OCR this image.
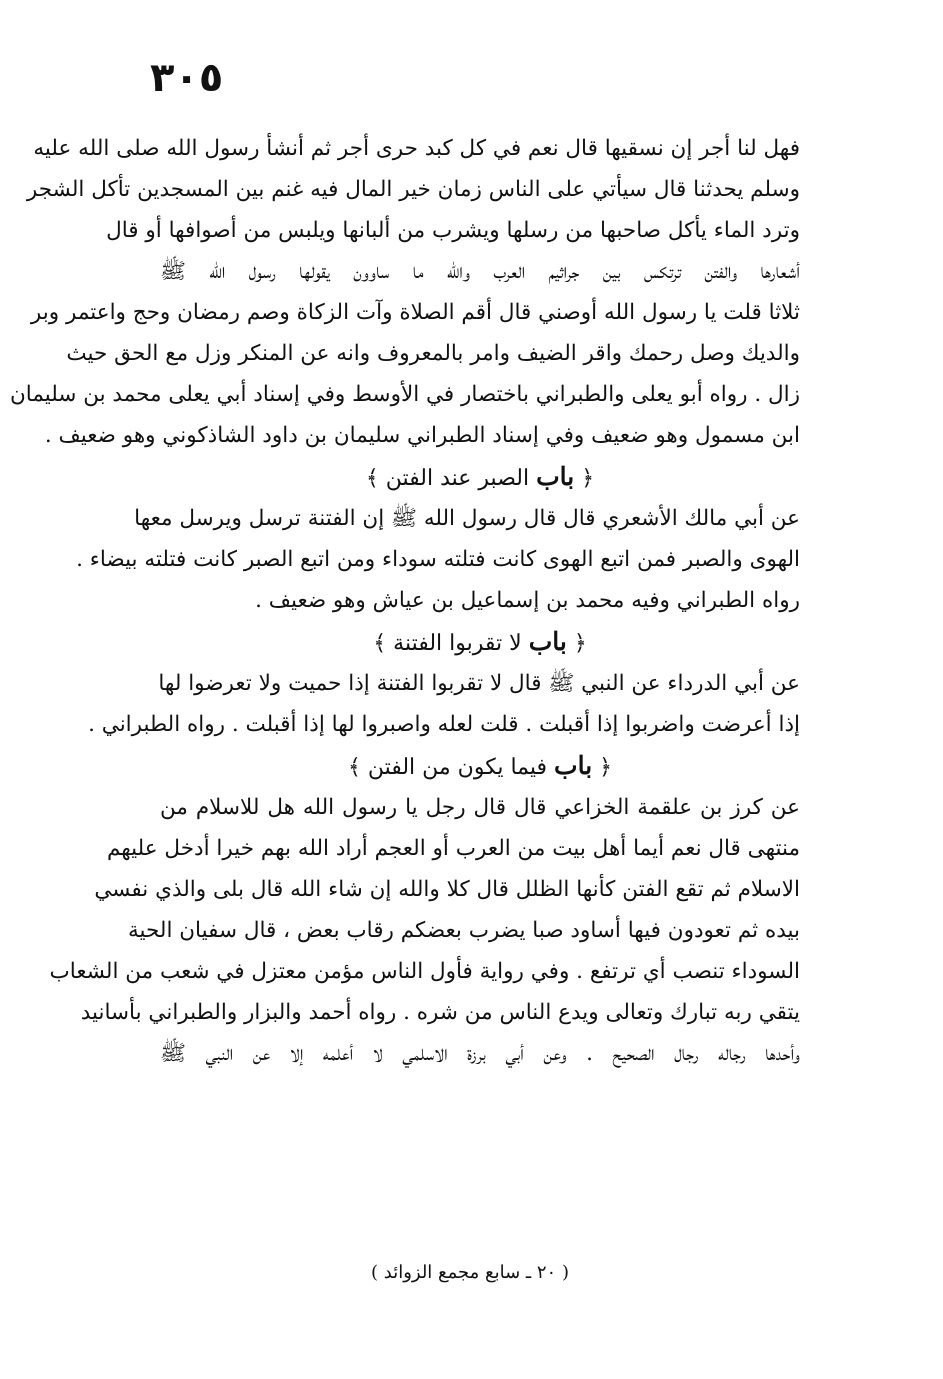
٣٠٥
فهل لنا أجر إن نسقيها قال نعم في كل كبد حرى أجر ثم أنشأ رسول الله صلى الله عليه
وسلم يحدثنا قال سيأتي على الناس زمان خير المال فيه غنم بين المسجدين تأكل الشجر
وترد الماء يأكل صاحبها من رسلها ويشرب من ألبانها ويلبس من أصوافها أو قال
أشعارها والفتن ترتكس بين جراثيم العرب والله ما ساوون يقولها رسول الله ﷺ
ثلاثا قلت يا رسول الله أوصني قال أقم الصلاة وآت الزكاة وصم رمضان وحج واعتمر وبر
والديك وصل رحمك واقر الضيف وامر بالمعروف وانه عن المنكر وزل مع الحق حيث
زال . رواه أبو يعلى والطبراني باختصار في الأوسط وفي إسناد أبي يعلى محمد بن سليمان
ابن مسمول وهو ضعيف وفي إسناد الطبراني سليمان بن داود الشاذكوني وهو ضعيف .
﴿ باب الصبر عند الفتن ﴾
عن أبي مالك الأشعري قال قال رسول الله ﷺ إن الفتنة ترسل ويرسل معها
الهوى والصبر فمن اتبع الهوى كانت فتلته سوداء ومن اتبع الصبر كانت فتلته بيضاء .
رواه الطبراني وفيه محمد بن إسماعيل بن عياش وهو ضعيف .
﴿ باب لا تقربوا الفتنة ﴾
عن أبي الدرداء عن النبي ﷺ قال لا تقربوا الفتنة إذا حميت ولا تعرضوا لها
إذا أعرضت واضربوا إذا أقبلت . قلت لعله واصبروا لها إذا أقبلت . رواه الطبراني .
﴿ باب فيما يكون من الفتن ﴾
عن كرز بن علقمة الخزاعي قال قال رجل يا رسول الله هل للاسلام من
منتهى قال نعم أيما أهل بيت من العرب أو العجم أراد الله بهم خيرا أدخل عليهم
الاسلام ثم تقع الفتن كأنها الظلل قال كلا والله إن شاء الله قال بلى والذي نفسي
بيده ثم تعودون فيها أساود صبا يضرب بعضكم رقاب بعض ، قال سفيان الحية
السوداء تنصب أي ترتفع . وفي رواية فأول الناس مؤمن معتزل في شعب من الشعاب
يتقي ربه تبارك وتعالى ويدع الناس من شره . رواه أحمد والبزار والطبراني بأسانيد
وأحدها رجاله رجال الصحيح . وعن أبي برزة الاسلمي لا أعلمه إلا عن النبي ﷺ
( ٢٠ ـ سابع مجمع الزوائد )
